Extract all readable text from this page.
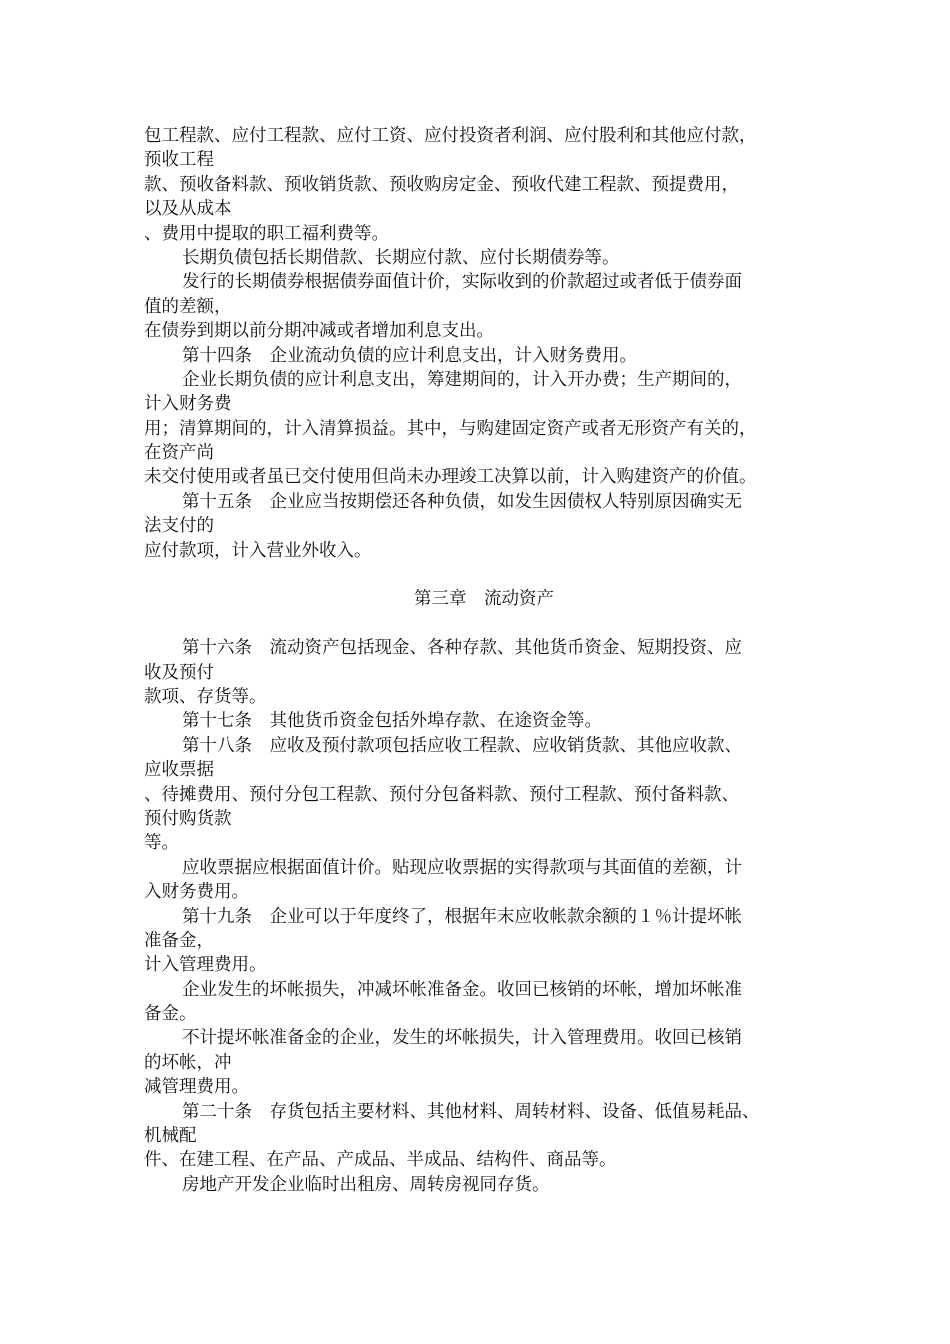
包工程款、应付工程款、应付工资、应付投资者利润、应付股利和其他应付款，
预收工程
款、预收备料款、预收销货款、预收购房定金、预收代建工程款、预提费用，
以及从成本
、费用中提取的职工福利费等。
长期负债包括长期借款、长期应付款、应付长期债券等。
发行的长期债券根据债券面值计价，实际收到的价款超过或者低于债券面
值的差额，
在债券到期以前分期冲减或者增加利息支出。
第十四条　企业流动负债的应计利息支出，计入财务费用。
企业长期负债的应计利息支出，筹建期间的，计入开办费；生产期间的，
计入财务费
用；清算期间的，计入清算损益。其中，与购建固定资产或者无形资产有关的，
在资产尚
未交付使用或者虽已交付使用但尚未办理竣工决算以前，计入购建资产的价值。
第十五条　企业应当按期偿还各种负债，如发生因债权人特别原因确实无
法支付的
应付款项，计入营业外收入。
第三章　流动资产
第十六条　流动资产包括现金、各种存款、其他货币资金、短期投资、应
收及预付
款项、存货等。
第十七条　其他货币资金包括外埠存款、在途资金等。
第十八条　应收及预付款项包括应收工程款、应收销货款、其他应收款、
应收票据
、待摊费用、预付分包工程款、预付分包备料款、预付工程款、预付备料款、
预付购货款
等。
应收票据应根据面值计价。贴现应收票据的实得款项与其面值的差额，计
入财务费用。
第十九条　企业可以于年度终了，根据年末应收帐款余额的１％计提坏帐
准备金，
计入管理费用。
企业发生的坏帐损失，冲减坏帐准备金。收回已核销的坏帐，增加坏帐准
备金。
不计提坏帐准备金的企业，发生的坏帐损失，计入管理费用。收回已核销
的坏帐，冲
减管理费用。
第二十条　存货包括主要材料、其他材料、周转材料、设备、低值易耗品、
机械配
件、在建工程、在产品、产成品、半成品、结构件、商品等。
房地产开发企业临时出租房、周转房视同存货。
